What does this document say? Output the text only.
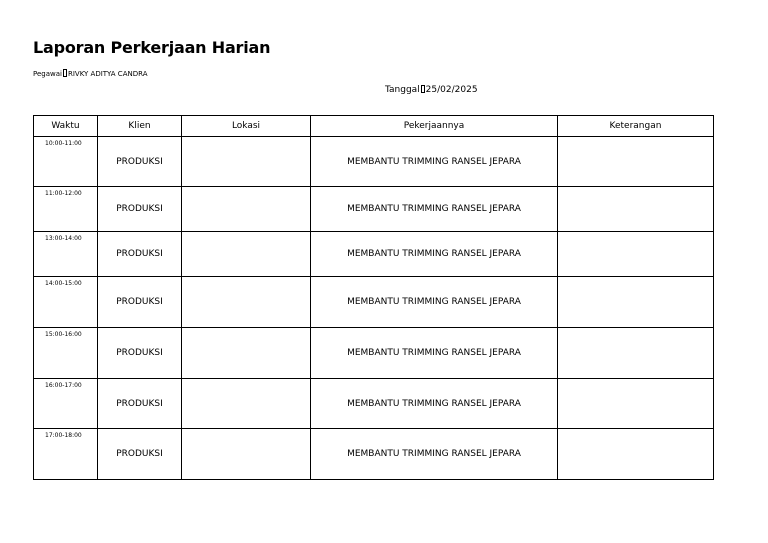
Laporan Perkerjaan Harian
Pegawai RIVKY ADITYA CANDRA
Tanggal 25/02/2025
Waktu	Klien	Lokasi	Pekerjaannya	Keterangan
10:00-11:00	PRODUKSI		MEMBANTU TRIMMING RANSEL JEPARA	
11:00-12:00	PRODUKSI		MEMBANTU TRIMMING RANSEL JEPARA	
13:00-14:00	PRODUKSI		MEMBANTU TRIMMING RANSEL JEPARA	
14:00-15:00	PRODUKSI		MEMBANTU TRIMMING RANSEL JEPARA	
15:00-16:00	PRODUKSI		MEMBANTU TRIMMING RANSEL JEPARA	
16:00-17:00	PRODUKSI		MEMBANTU TRIMMING RANSEL JEPARA	
17:00-18:00	PRODUKSI		MEMBANTU TRIMMING RANSEL JEPARA	
